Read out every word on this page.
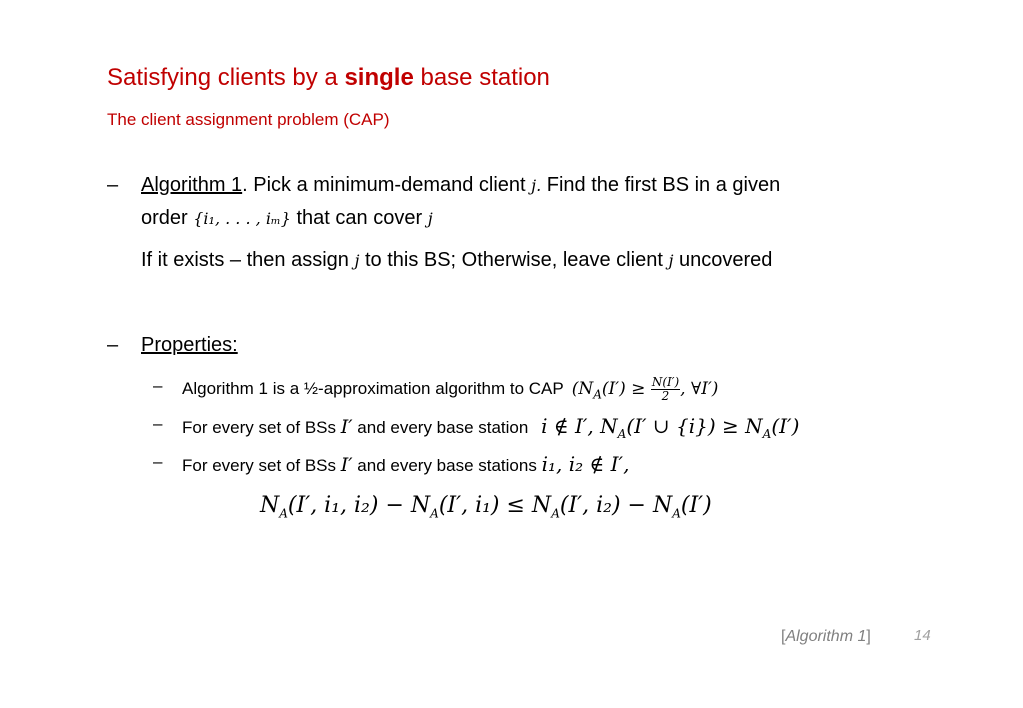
Satisfying clients by a single base station
The client assignment problem (CAP)
– Algorithm 1. Pick a minimum-demand client j. Find the first BS in a given
order {i₁, . . . , iₘ} that can cover j
If it exists – then assign j to this BS; Otherwise, leave client j uncovered
– Properties:
– Algorithm 1 is a ½-approximation algorithm to CAP ($N_A(I') \ge \frac{N(I')}{2}$ , ∀I′)
– For every set of BSs I′ and every base station i ∉ I′, $N_A(I'$ ∪ $\{i\}) \ge N_A(I')$
– For every set of BSs I′ and every base stations i₁, i₂ ∉ I′,
$N_A(I'$, i₁, $i_2) - N_A(I'$, $i_1) \le N_A(I'$, $i_2) - N_A(I')$
[Algorithm 1]	14
